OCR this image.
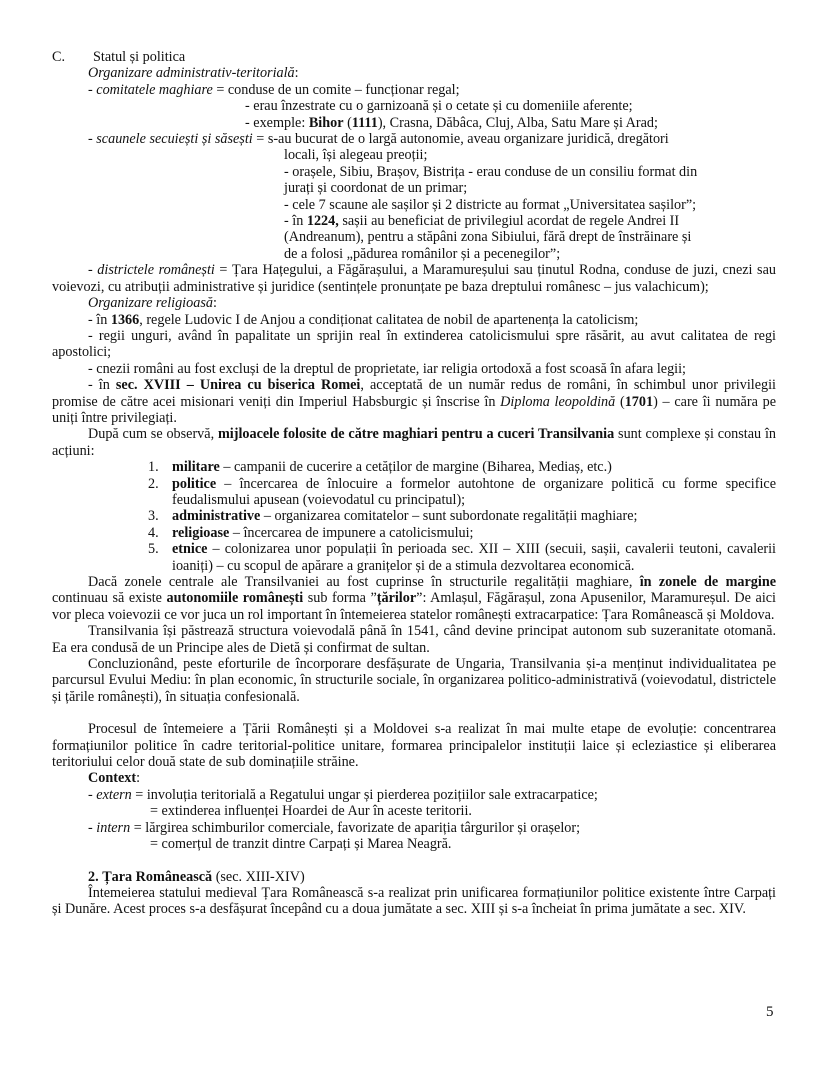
C.	Statul și politica
Organizare administrativ-teritorială:
- comitatele maghiare = conduse de un comite – funcționar regal;
- erau înzestrate cu o garnizoană și o cetate și cu domeniile aferente;
- exemple: Bihor (1111), Crasna, Dăbâca, Cluj, Alba, Satu Mare și Arad;
- scaunele secuiești și săsești = s-au bucurat de o largă autonomie, aveau organizare juridică, dregători
locali, își alegeau preoții;
- orașele, Sibiu, Brașov, Bistrița - erau conduse de un consiliu format din
jurați și coordonat de un primar;
- cele 7 scaune ale sașilor și 2 districte au format „Universitatea sașilor”;
- în 1224, sașii au beneficiat de privilegiul acordat de regele Andrei II
(Andreanum), pentru a stăpâni zona Sibiului, fără drept de înstrăinare și
de a folosi „pădurea românilor și a pecenegilor”;
- districtele românești = Țara Hațegului, a Făgărașului, a Maramureșului sau ținutul Rodna, conduse de juzi, cnezi sau voievozi, cu atribuții administrative și juridice (sentințele pronunțate pe baza dreptului românesc – jus valachicum);
Organizare religioasă:
- în 1366, regele Ludovic I de Anjou a condiționat calitatea de nobil de apartenența la catolicism;
- regii unguri, având în papalitate un sprijin real în extinderea catolicismului spre răsărit, au avut calitatea de regi apostolici;
- cnezii români au fost excluși de la dreptul de proprietate, iar religia ortodoxă a fost scoasă în afara legii;
- în sec. XVIII – Unirea cu biserica Romei, acceptată de un număr redus de români, în schimbul unor privilegii promise de către acei misionari veniți din Imperiul Habsburgic și înscrise în Diploma leopoldină (1701) – care îi număra pe uniți între privilegiați.
După cum se observă, mijloacele folosite de către maghiari pentru a cuceri Transilvania sunt complexe și constau în acțiuni:
1. militare – campanii de cucerire a cetăților de margine (Biharea, Mediaș, etc.)
2. politice – încercarea de înlocuire a formelor autohtone de organizare politică cu forme specifice feudalismului apusean (voievodatul cu principatul);
3. administrative – organizarea comitatelor – sunt subordonate regalității maghiare;
4. religioase – încercarea de impunere a catolicismului;
5. etnice – colonizarea unor populații în perioada sec. XII – XIII (secuii, sașii, cavalerii teutoni, cavalerii ioaniți) – cu scopul de apărare a granițelor și de a stimula dezvoltarea economică.
Dacă zonele centrale ale Transilvaniei au fost cuprinse în structurile regalității maghiare, în zonele de margine continuau să existe autonomiile românești sub forma ”țărilor”: Amlașul, Făgărașul, zona Apusenilor, Maramureșul. De aici vor pleca voievozii ce vor juca un rol important în întemeierea statelor românești extracarpatice: Țara Românească și Moldova.
Transilvania își păstrează structura voievodală până în 1541, când devine principat autonom sub suzeranitate otomană. Ea era condusă de un Principe ales de Dietă și confirmat de sultan.
Concluzionând, peste eforturile de încorporare desfășurate de Ungaria, Transilvania și-a menținut individualitatea pe parcursul Evului Mediu: în plan economic, în structurile sociale, în organizarea politico-administrativă (voievodatul, districtele și țările românești), în situația confesională.
Procesul de întemeiere a Țării Românești și a Moldovei s-a realizat în mai multe etape de evoluție: concentrarea formațiunilor politice în cadre teritorial-politice unitare, formarea principalelor instituții laice și ecleziastice și eliberarea teritoriului celor două state de sub dominațiile străine.
Context:
- extern = involuția teritorială a Regatului ungar și pierderea pozițiilor sale extracarpatice;
= extinderea influenței Hoardei de Aur în aceste teritorii.
- intern = lărgirea schimburilor comerciale, favorizate de apariția târgurilor și orașelor;
= comerțul de tranzit dintre Carpați și Marea Neagră.
2. Țara Românească (sec. XIII-XIV)
Întemeierea statului medieval Țara Românească s-a realizat prin unificarea formațiunilor politice existente între Carpați și Dunăre. Acest proces s-a desfășurat începând cu a doua jumătate a sec. XIII și s-a încheiat în prima jumătate a sec. XIV.
5
